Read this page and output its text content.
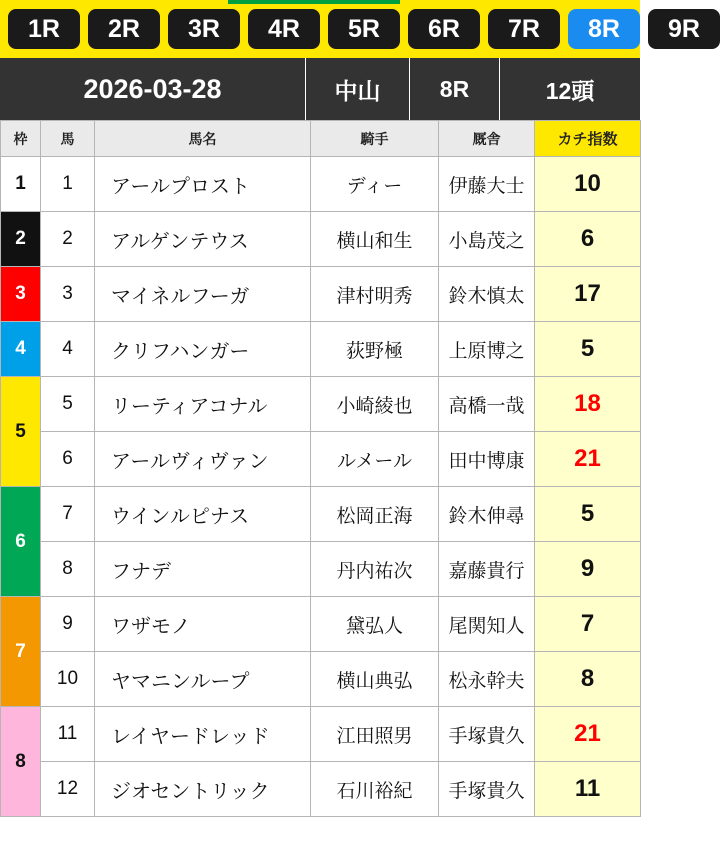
1R	2R	3R	4R	5R	6R	7R	8R	9R
2026-03-28	中山	8R	12頭
枠	馬	馬名	騎手	厩舎	カチ指数
1	1	アールプロスト	ディー	伊藤大士	10
2	2	アルゲンテウス	横山和生	小島茂之	6
3	3	マイネルフーガ	津村明秀	鈴木慎太	17
4	4	クリフハンガー	荻野極	上原博之	5
5	5	リーティアコナル	小崎綾也	高橋一哉	18
	6	アールヴィヴァン	ルメール	田中博康	21
6	7	ウインルピナス	松岡正海	鈴木伸尋	5
	8	フナデ	丹内祐次	嘉藤貴行	9
7	9	ワザモノ	黛弘人	尾関知人	7
	10	ヤマニンループ	横山典弘	松永幹夫	8
8	11	レイヤードレッド	江田照男	手塚貴久	21
	12	ジオセントリック	石川裕紀	手塚貴久	11
